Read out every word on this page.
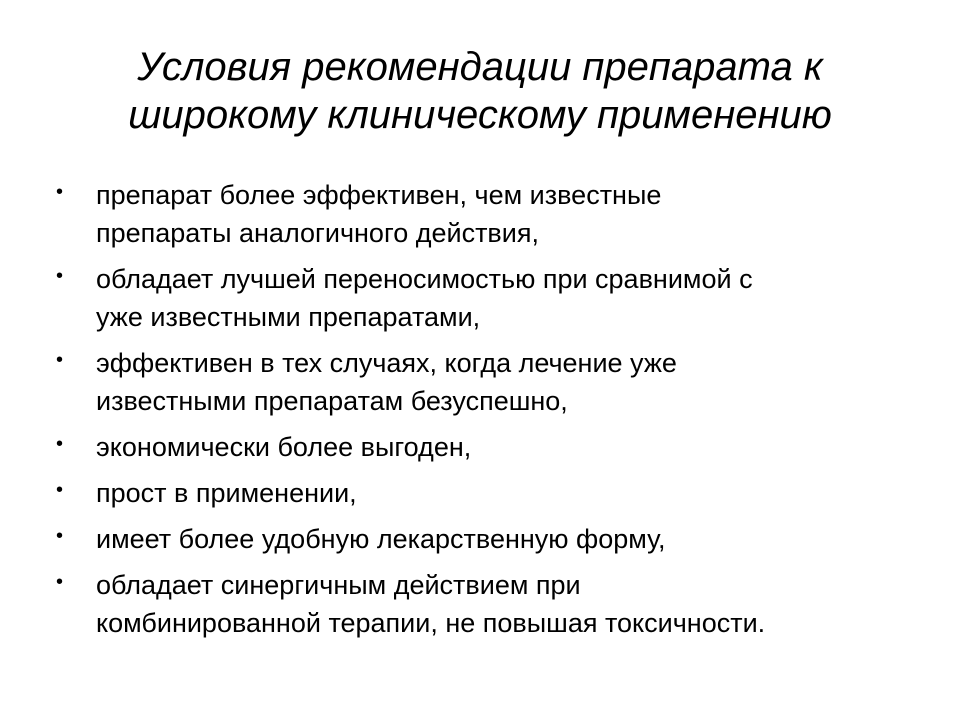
Условия рекомендации препарата к
широкому клиническому применению
• препарат более эффективен, чем известные
препараты аналогичного действия,
• обладает лучшей переносимостью при сравнимой с
уже известными препаратами,
• эффективен в тех случаях, когда лечение уже
известными препаратам безуспешно,
• экономически более выгоден,
• прост в применении,
• имеет более удобную лекарственную форму,
• обладает синергичным действием при
комбинированной терапии, не повышая токсичности.
